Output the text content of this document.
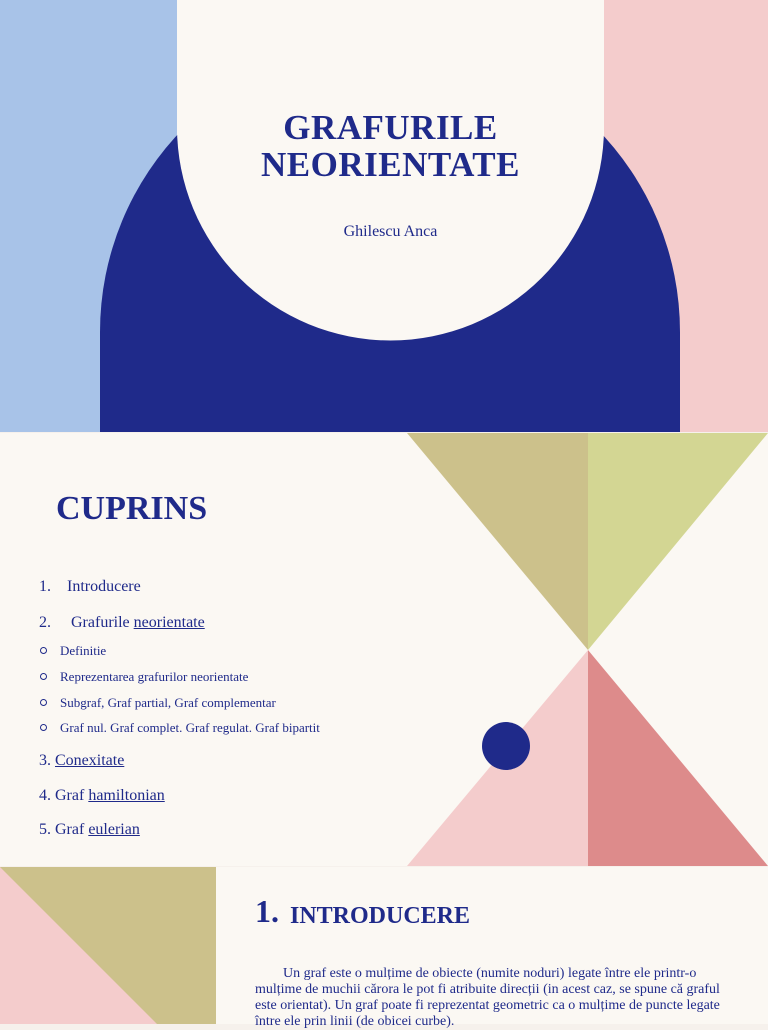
GRAFURILE
NEORIENTATE
Ghilescu Anca
CUPRINS
1. Introducere
2. Grafurile neorientate
Definitie
Reprezentarea grafurilor neorientate
Subgraf, Graf partial, Graf complementar
Graf nul. Graf complet. Graf regulat. Graf bipartit
3. Conexitate
4. Graf hamiltonian
5. Graf eulerian
1. INTRODUCERE
Un graf este o mulțime de obiecte (numite noduri) legate între ele printr-o
mulțime de muchii cărora le pot fi atribuite direcții (in acest caz, se spune că graful
este orientat). Un graf poate fi reprezentat geometric ca o mulțime de puncte legate
între ele prin linii (de obicei curbe).
